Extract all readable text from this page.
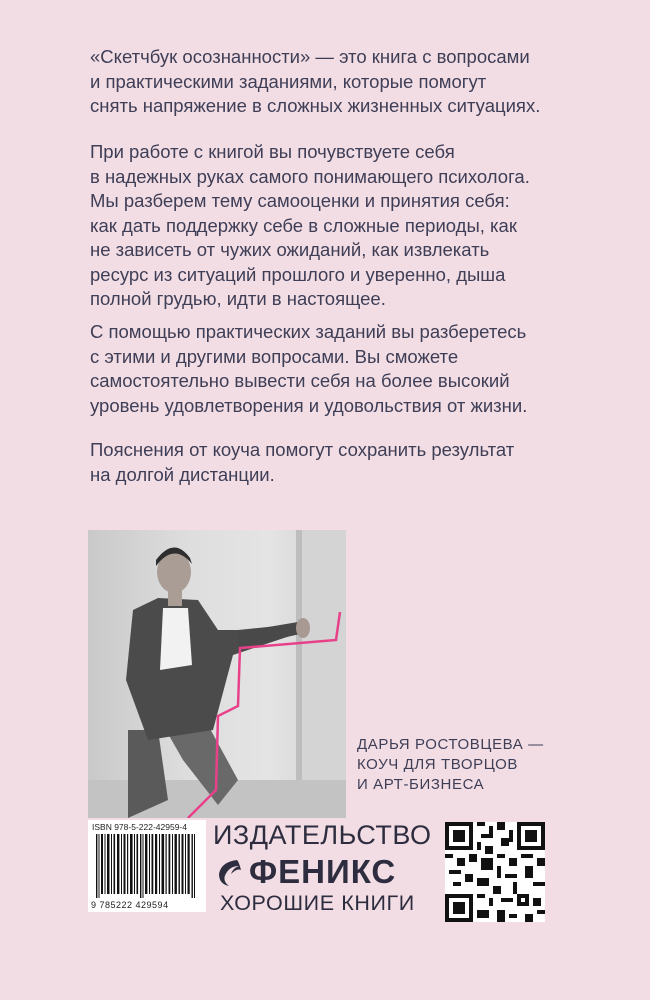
«Скетчбук осознанности» — это книга с вопросами
и практическими заданиями, которые помогут
снять напряжение в сложных жизненных ситуациях.
При работе с книгой вы почувствуете себя
в надежных руках самого понимающего психолога.
Мы разберем тему самооценки и принятия себя:
как дать поддержку себе в сложные периоды, как
не зависеть от чужих ожиданий, как извлекать
ресурс из ситуаций прошлого и уверенно, дыша
полной грудью, идти в настоящее.
С помощью практических заданий вы разберетесь
с этими и другими вопросами. Вы сможете
самостоятельно вывести себя на более высокий
уровень удовлетворения и удовольствия от жизни.
Пояснения от коуча помогут сохранить результат
на долгой дистанции.
ДАРЬЯ РОСТОВЦЕВА —
КОУЧ ДЛЯ ТВОРЦОВ
И АРТ-БИЗНЕСА
ISBN 978-5-222-42959-4
9 785222 429594
ИЗДАТЕЛЬСТВО
ФЕНИКС
ХОРОШИЕ КНИГИ
